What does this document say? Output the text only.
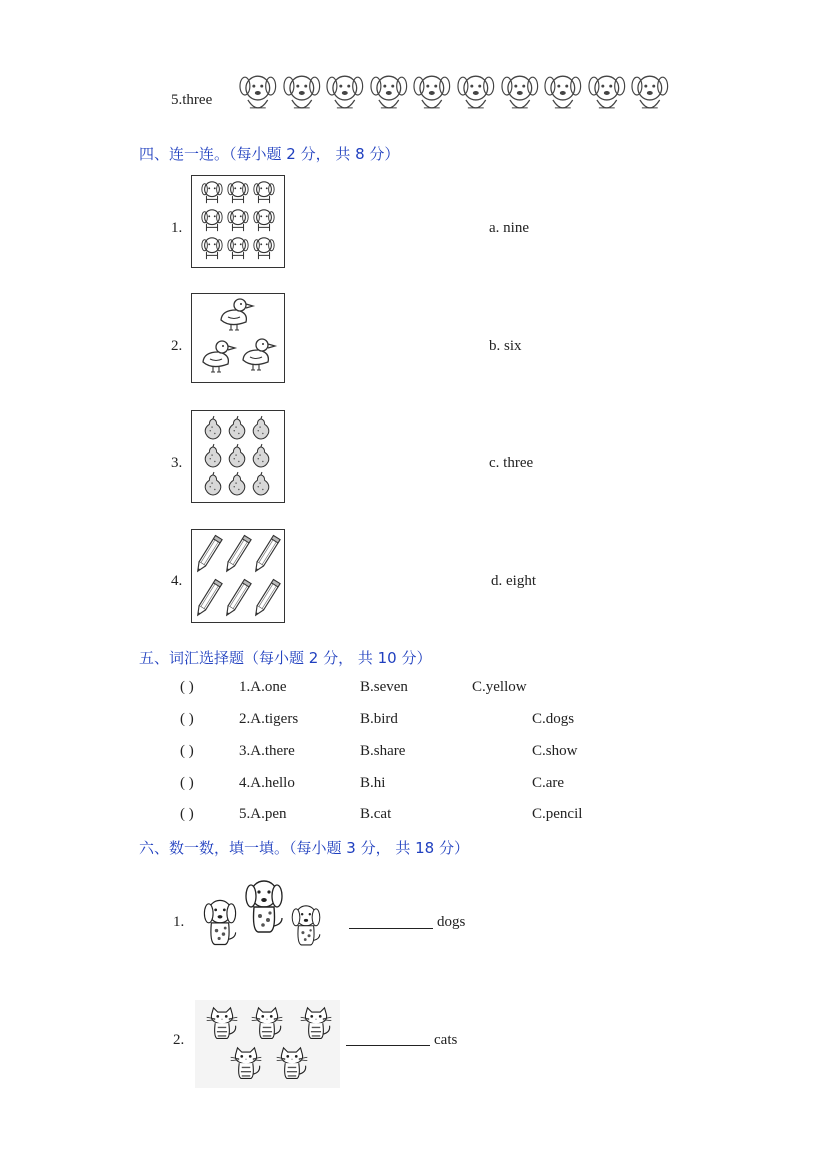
5.three
四、连一连。（每小题 2 分， 共 8 分）
1.
2.
3.
4.
a. nine
b. six
c. three
d. eight
五、词汇选择题（每小题 2 分， 共 10 分）
( )	1.A.one	B.seven	C.yellow
( )	2.A.tigers	B.bird	C.dogs
( )	3.A.there	B.share	C.show
( )	4.A.hello	B.hi	C.are
( )	5.A.pen	B.cat	C.pencil
六、数一数，填一填。（每小题 3 分， 共 18 分）
1.	dogs
2.	cats
